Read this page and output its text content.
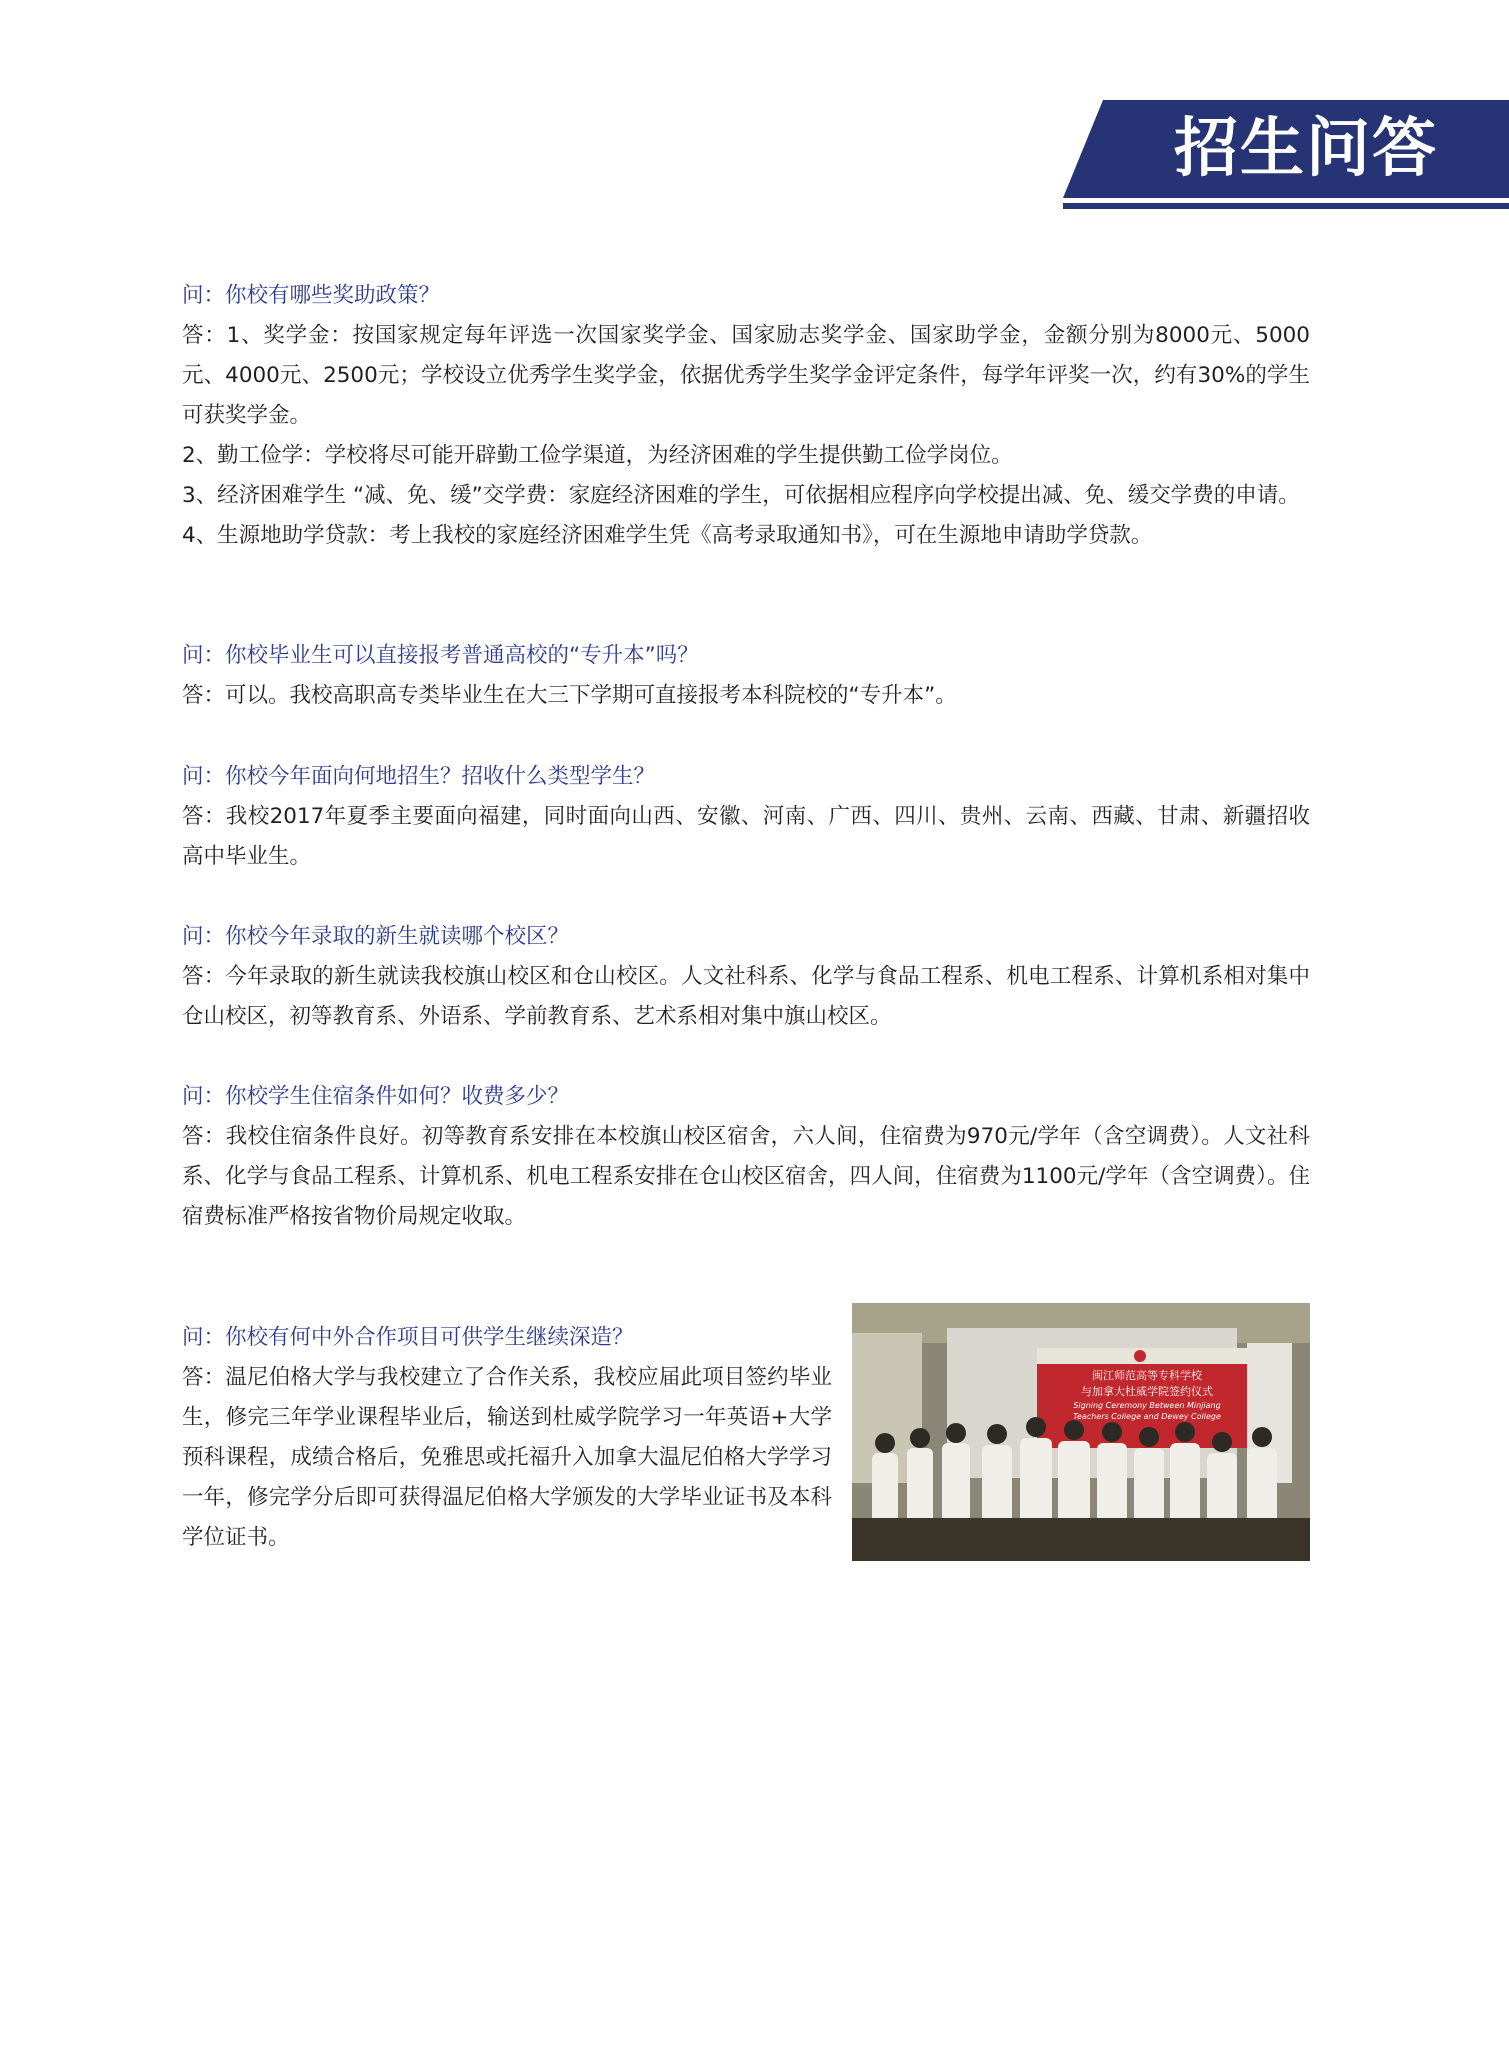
招生问答

问：你校有哪些奖助政策？

答：1、奖学金：按国家规定每年评选一次国家奖学金、国家励志奖学金、国家助学金，金额分别为8000元、5000元、4000元、2500元；学校设立优秀学生奖学金，依据优秀学生奖学金评定条件，每学年评奖一次，约有30%的学生可获奖学金。

2、勤工俭学：学校将尽可能开辟勤工俭学渠道，为经济困难的学生提供勤工俭学岗位。

3、经济困难学生 “减、免、缓”交学费：家庭经济困难的学生，可依据相应程序向学校提出减、免、缓交学费的申请。

4、生源地助学贷款：考上我校的家庭经济困难学生凭《高考录取通知书》，可在生源地申请助学贷款。

问：你校毕业生可以直接报考普通高校的“专升本”吗？

答：可以。我校高职高专类毕业生在大三下学期可直接报考本科院校的“专升本”。

问：你校今年面向何地招生？招收什么类型学生？

答：我校2017年夏季主要面向福建，同时面向山西、安徽、河南、广西、四川、贵州、云南、西藏、甘肃、新疆招收高中毕业生。

问：你校今年录取的新生就读哪个校区？

答：今年录取的新生就读我校旗山校区和仓山校区。人文社科系、化学与食品工程系、机电工程系、计算机系相对集中仓山校区，初等教育系、外语系、学前教育系、艺术系相对集中旗山校区。

问：你校学生住宿条件如何？收费多少？

答：我校住宿条件良好。初等教育系安排在本校旗山校区宿舍，六人间，住宿费为970元/学年（含空调费）。人文社科系、化学与食品工程系、计算机系、机电工程系安排在仓山校区宿舍，四人间，住宿费为1100元/学年（含空调费）。住宿费标准严格按省物价局规定收取。

问：你校有何中外合作项目可供学生继续深造？

答：温尼伯格大学与我校建立了合作关系，我校应届此项目签约毕业生，修完三年学业课程毕业后，输送到杜威学院学习一年英语+大学预科课程，成绩合格后，免雅思或托福升入加拿大温尼伯格大学学习一年，修完学分后即可获得温尼伯格大学颁发的大学毕业证书及本科学位证书。

闽江师范高等专科学校
与加拿大杜威学院签约仪式
Signing Ceremony Between Minjiang
Teachers College and Dewey College
